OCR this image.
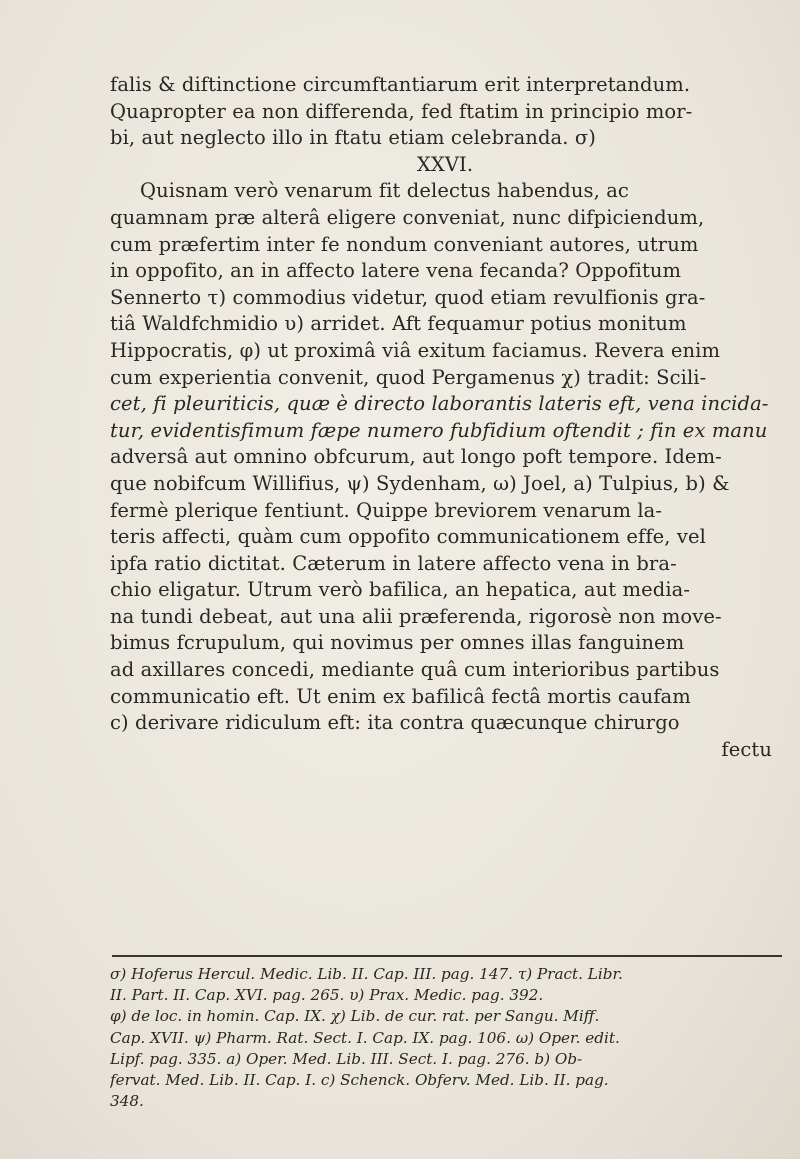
falis & diftinctione circumftantiarum erit interpretandum.
Quapropter ea non differenda, fed ftatim in principio mor-
bi, aut neglecto illo in ftatu etiam celebranda. σ)
XXVI.
Quisnam verò venarum fit delectus habendus, ac
quamnam præ alterâ eligere conveniat, nunc difpiciendum,
cum præfertim inter fe nondum conveniant autores, utrum
in oppofito, an in affecto latere vena fecanda? Oppofitum
Sennerto τ) commodius videtur, quod etiam revulfionis gra-
tiâ Waldfchmidio υ) arridet. Aft fequamur potius monitum
Hippocratis, φ) ut proximâ viâ exitum faciamus. Revera enim
cum experientia convenit, quod Pergamenus χ) tradit: Scili-
cet, fi pleuriticis, quæ è directo laborantis lateris eft, vena incida-
tur, evidentisfimum fæpe numero fubfidium oftendit ; fin ex manu
adversâ aut omnino obfcurum, aut longo poft tempore. Idem-
que nobifcum Willifius, ψ) Sydenham, ω) Joel, a) Tulpius, b) &
fermè plerique fentiunt. Quippe breviorem venarum la-
teris affecti, quàm cum oppofito communicationem effe, vel
ipfa ratio dictitat. Cæterum in latere affecto vena in bra-
chio eligatur. Utrum verò bafilica, an hepatica, aut media-
na tundi debeat, aut una alii præferenda, rigorosè non move-
bimus fcrupulum, qui novimus per omnes illas fanguinem
ad axillares concedi, mediante quâ cum interioribus partibus
communicatio eft. Ut enim ex bafilicâ fectâ mortis caufam
c) derivare ridiculum eft: ita contra quæcunque chirurgo
fectu
σ) Hoferus Hercul. Medic. Lib. II. Cap. III. pag. 147. τ) Pract. Libr.
II. Part. II. Cap. XVI. pag. 265. υ) Prax. Medic. pag. 392.
φ) de loc. in homin. Cap. IX. χ) Lib. de cur. rat. per Sangu. Miff.
Cap. XVII. ψ) Pharm. Rat. Sect. I. Cap. IX. pag. 106. ω) Oper. edit.
Lipf. pag. 335. a) Oper. Med. Lib. III. Sect. I. pag. 276. b) Ob-
fervat. Med. Lib. II. Cap. I. c) Schenck. Obferv. Med. Lib. II. pag.
348.
